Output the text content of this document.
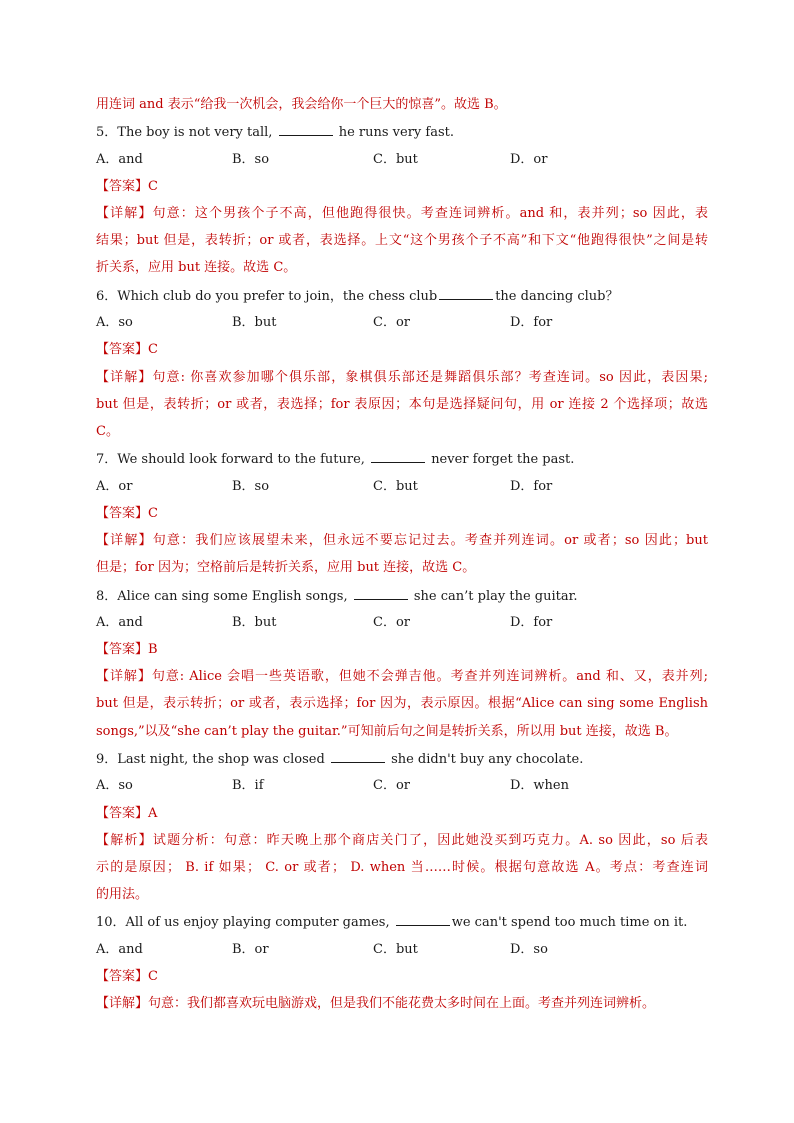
用连词 and 表示“给我一次机会，我会给你一个巨大的惊喜”。故选 B。
5．The boy is not very tall,	he runs very fast.
A．and	B．so	C．but	D．or
【答案】C
【详解】句意：这个男孩个子不高，但他跑得很快。考查连词辨析。and 和，表并列；so 因此，表
结果；but 但是，表转折；or 或者，表选择。上文“这个男孩个子不高”和下文“他跑得很快”之间是转
折关系，应用 but 连接。故选 C。
6．Which club do you prefer to join，the chess club	the dancing club？
A．so	B．but	C．or	D．for
【答案】C
【详解】句意: 你喜欢参加哪个俱乐部，象棋俱乐部还是舞蹈俱乐部？考查连词。so 因此，表因果;
but 但是，表转折；or 或者，表选择；for 表原因；本句是选择疑问句，用 or 连接 2 个选择项；故选
C。
7．We should look forward to the future,	never forget the past.
A．or	B．so	C．but	D．for
【答案】C
【详解】句意：我们应该展望未来，但永远不要忘记过去。考查并列连词。or 或者；so 因此；but
但是；for 因为；空格前后是转折关系，应用 but 连接，故选 C。
8．Alice can sing some English songs,	she can’t play the guitar.
A．and	B．but	C．or	D．for
【答案】B
【详解】句意: Alice 会唱一些英语歌，但她不会弹吉他。考查并列连词辨析。and 和、又，表并列;
but 但是，表示转折；or 或者，表示选择；for 因为，表示原因。根据“Alice can sing some English
songs,”以及“she can’t play the guitar.”可知前后句之间是转折关系，所以用 but 连接，故选 B。
9．Last night, the shop was closed	she didn't buy any chocolate.
A．so	B．if	C．or	D．when
【答案】A
【解析】试题分析：句意：昨天晚上那个商店关门了，因此她没买到巧克力。A. so 因此，so 后表
示的是原因； B. if 如果； C. or 或者； D. when 当……时候。根据句意故选 A。考点：考查连词
的用法。
10．All of us enjoy playing computer games,	we can't spend too much time on it.
A．and	B．or	C．but	D．so
【答案】C
【详解】句意：我们都喜欢玩电脑游戏，但是我们不能花费太多时间在上面。考查并列连词辨析。
